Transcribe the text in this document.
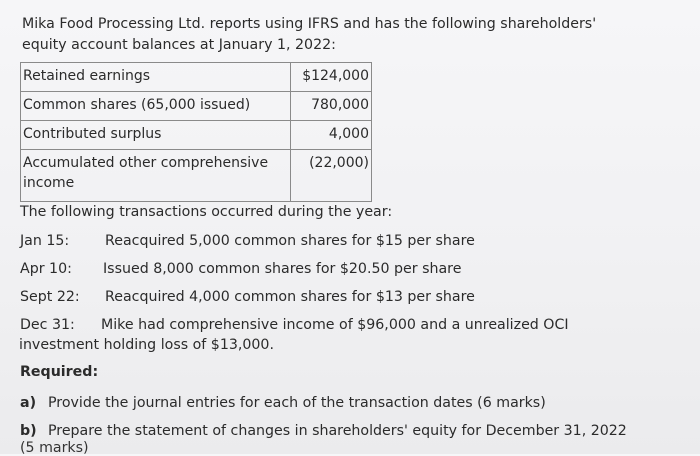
Mika Food Processing Ltd. reports using IFRS and has the following shareholders'
equity account balances at January 1, 2022:
Retained earnings	$124,000
Common shares (65,000 issued)	780,000
Contributed surplus	4,000

Accumulated other comprehensive
income	(22,000)
The following transactions occurred during the year:
Jan 15:	Reacquired 5,000 common shares for $15 per share
Apr 10: Issued 8,000 common shares for $20.50 per share
Sept 22: Reacquired 4,000 common shares for $13 per share
Dec 31: Mike had comprehensive income of $96,000 and a unrealized OCI
investment holding loss of $13,000.
Required:
a) Provide the journal entries for each of the transaction dates (6 marks)
b) Prepare the statement of changes in shareholders' equity for December 31, 2022
(5 marks)
